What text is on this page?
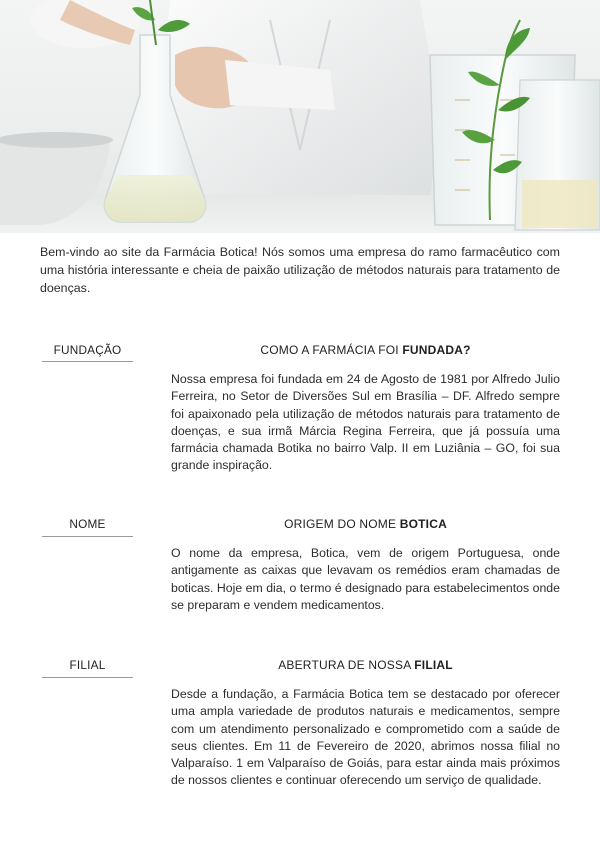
Bem-vindo ao site da Farmácia Botica! Nós somos uma empresa do ramo farmacêutico com uma história interessante e cheia de paixão utilização de métodos naturais para tratamento de doenças.

FUNDAÇÃO	COMO A FARMÁCIA FOI FUNDADA?

Nossa empresa foi fundada em 24 de Agosto de 1981 por Alfredo Julio Ferreira, no Setor de Diversões Sul em Brasília – DF. Alfredo sempre foi apaixonado pela utilização de métodos naturais para tratamento de doenças, e sua irmã Márcia Regina Ferreira, que já possuía uma farmácia chamada Botika no bairro Valp. II em Luziânia – GO, foi sua grande inspiração.

NOME	ORIGEM DO NOME BOTICA

O nome da empresa, Botica, vem de origem Portuguesa, onde antigamente as caixas que levavam os remédios eram chamadas de boticas. Hoje em dia, o termo é designado para estabelecimentos onde se preparam e vendem medicamentos.

FILIAL	ABERTURA DE NOSSA FILIAL

Desde a fundação, a Farmácia Botica tem se destacado por oferecer uma ampla variedade de produtos naturais e medicamentos, sempre com um atendimento personalizado e comprometido com a saúde de seus clientes. Em 11 de Fevereiro de 2020, abrimos nossa filial no Valparaíso. 1 em Valparaíso de Goiás, para estar ainda mais próximos de nossos clientes e continuar oferecendo um serviço de qualidade.
